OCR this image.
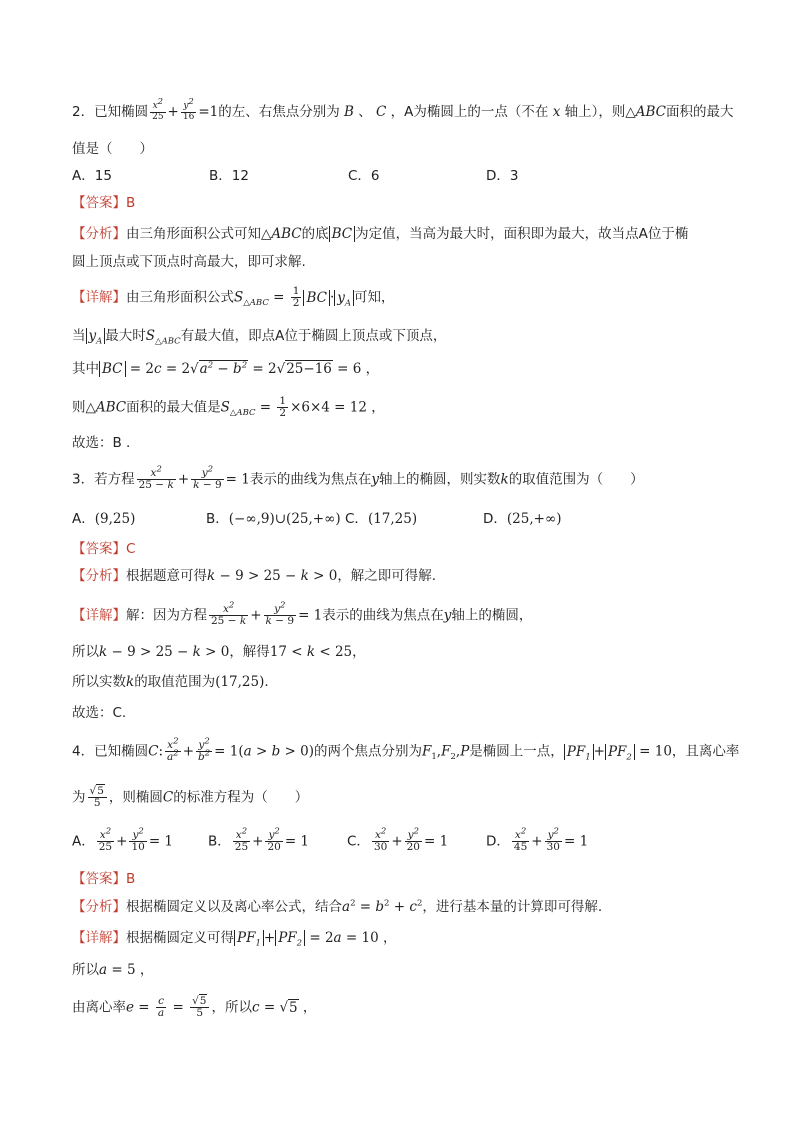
2．已知椭圆 $\frac{x^2}{25} + \frac{y^2}{16} =1$的左、右焦点分别为 B 、 C ，A为椭圆上的一点（不在 x 轴上），则△ABC面积的最大
值是（　　）
A．15	B．12	C．6	D．3
【答案】B
【分析】由三角形面积公式可知△ABC的底 BC 为定值，当高为最大时，面积即为最大，故当点A位于椭
圆上顶点或下顶点时高最大，即可求解.
【详解】由三角形面积公式$S_{\triangle ABC} = \frac{1}{2}$ BC · $y_A$ 可知，
当 $y_A$ 最大时$S_{\triangle ABC}$有最大值，即点A位于椭圆上顶点或下顶点，
其中 BC = $2c = 2√a^2 - b^2 = 2√25-16 = 6$ ，
则△ABC面积的最大值是$S_{\triangle ABC} = \frac{1}{2} \times 6\times 4 = 12$ ，
故选：B .
3．若方程 $\frac{x^2}{25 - k} + \frac{y^2}{k - 9} = 1$表示的曲线为焦点在y轴上的椭圆，则实数k的取值范围为（　　）
A．(9,25)	B．(−∞,9)∪(25,+∞) C．(17,25)	D．(25,+∞)
【答案】C
【分析】根据题意可得k − 9 > 25 − k > 0，解之即可得解.
【详解】解：因为方程 $\frac{x^2}{25 - k} + \frac{y^2}{k - 9} = 1$表示的曲线为焦点在y轴上的椭圆，
所以k − 9 > 25 − k > 0，解得17 < k < 25，
所以实数k的取值范围为(17,25).
故选：C.
4．已知椭圆C: $\frac{x^2}{a^2} + \frac{y^2}{b^2} = 1(a > b > 0)$的两个焦点分别为$F_1,F_2,P$是椭圆上一点， $PF_1 + PF_2 = 10$，且离心率
为 $\frac{√5}{5}$ ，则椭圆C的标准方程为（　　）
A． $\frac{x^2}{25} + \frac{y^2}{10} = 1$	B． $\frac{x^2}{25} + \frac{y^2}{20} = 1$	C． $\frac{x^2}{30} + \frac{y^2}{20} = 1$	D． $\frac{x^2}{45} + \frac{y^2}{30} = 1$
【答案】B
【分析】根据椭圆定义以及离心率公式，结合$a^2 = b^2 + c^2$，进行基本量的计算即可得解.
【详解】根据椭圆定义可得 $PF_1 + PF_2 = 2a = 10$ ，
所以a = 5 ，
由离心率$e = \frac{c}{a} = \frac{√5}{5}$ ，所以c = √5 ，
